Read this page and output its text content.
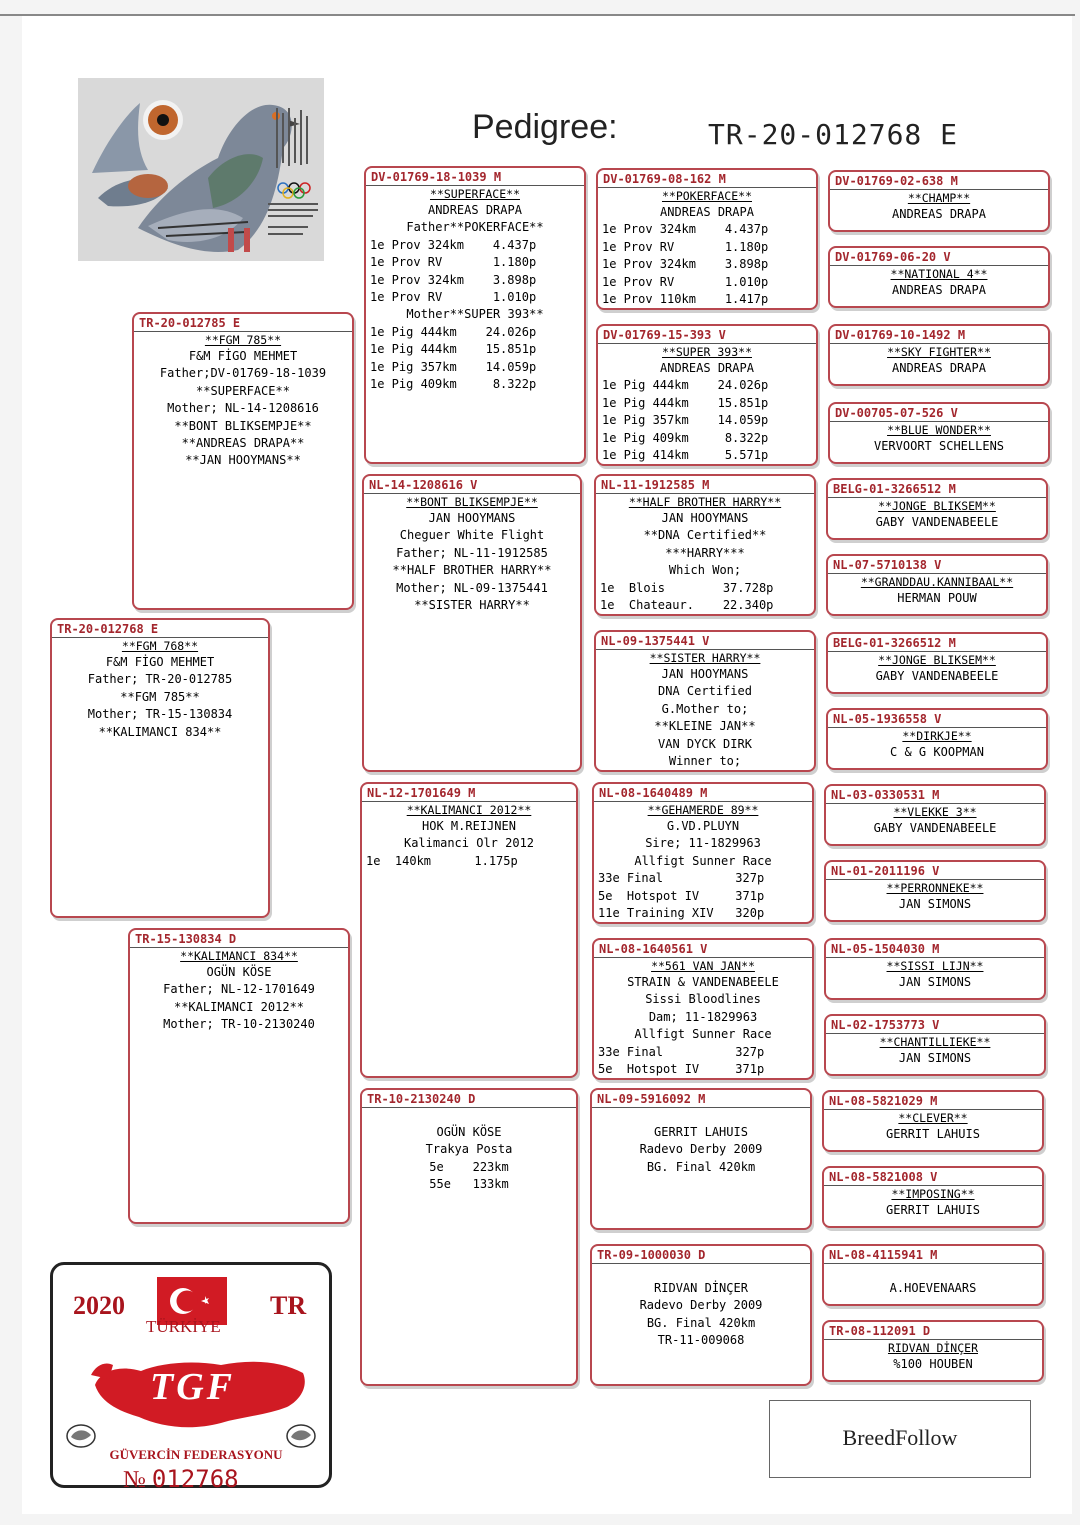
Pedigree:	TR-20-012768 E
TR-20-012768 E
**FGM 768**
F&M FİGO MEHMET
Father; TR-20-012785
**FGM 785**
Mother; TR-15-130834
**KALIMANCI 834**
TR-20-012785 E
**FGM 785**
F&M FİGO MEHMET
Father;DV-01769-18-1039
**SUPERFACE**
Mother; NL-14-1208616
**BONT BLIKSEMPJE**
**ANDREAS DRAPA**
**JAN HOOYMANS**
TR-15-130834 D
**KALIMANCI 834**
OGÜN KÖSE
Father; NL-12-1701649
**KALIMANCI 2012**
Mother; TR-10-2130240
DV-01769-18-1039 M
**SUPERFACE**
ANDREAS DRAPA
Father**POKERFACE**
1e Prov 324km    4.437p
1e Prov RV       1.180p
1e Prov 324km    3.898p
1e Prov RV       1.010p
Mother**SUPER 393**
1e Pig 444km    24.026p
1e Pig 444km    15.851p
1e Pig 357km    14.059p
1e Pig 409km     8.322p
NL-14-1208616 V
**BONT BLIKSEMPJE**
JAN HOOYMANS
Cheguer White Flight
Father; NL-11-1912585
**HALF BROTHER HARRY**
Mother; NL-09-1375441
**SISTER HARRY**
NL-12-1701649 M
**KALIMANCI 2012**
HOK M.REIJNEN
Kalimanci Olr 2012
1e  140km      1.175p
TR-10-2130240 D
OGÜN KÖSE
Trakya Posta
5e    223km
55e   133km
DV-01769-08-162 M
**POKERFACE**
ANDREAS DRAPA
1e Prov 324km    4.437p
1e Prov RV       1.180p
1e Prov 324km    3.898p
1e Prov RV       1.010p
1e Prov 110km    1.417p
DV-01769-15-393 V
**SUPER 393**
ANDREAS DRAPA
1e Pig 444km    24.026p
1e Pig 444km    15.851p
1e Pig 357km    14.059p
1e Pig 409km     8.322p
1e Pig 414km     5.571p
NL-11-1912585 M
**HALF BROTHER HARRY**
JAN HOOYMANS
**DNA Certified**
***HARRY***
Which Won;
1e  Blois        37.728p
1e  Chateaur.    22.340p
NL-09-1375441 V
**SISTER HARRY**
JAN HOOYMANS
DNA Certified
G.Mother to;
**KLEINE JAN**
VAN DYCK DIRK
Winner to;
NL-08-1640489 M
**GEHAMERDE 89**
G.VD.PLUYN
Sire; 11-1829963
Allfigt Sunner Race
33e Final          327p
5e  Hotspot IV     371p
11e Training XIV   320p
NL-08-1640561 V
**561 VAN JAN**
STRAIN & VANDENABEELE
Sissi Bloodlines
Dam; 11-1829963
Allfigt Sunner Race
33e Final          327p
5e  Hotspot IV     371p
NL-09-5916092 M
GERRIT LAHUIS
Radevo Derby 2009
BG. Final 420km
TR-09-1000030 D
RIDVAN DİNÇER
Radevo Derby 2009
BG. Final 420km
TR-11-009068
DV-01769-02-638 M
**CHAMP**
ANDREAS DRAPA
DV-01769-06-20 V
**NATIONAL 4**
ANDREAS DRAPA
DV-01769-10-1492 M
**SKY FIGHTER**
ANDREAS DRAPA
DV-00705-07-526 V
**BLUE WONDER**
VERVOORT SCHELLENS
BELG-01-3266512 M
**JONGE BLIKSEM**
GABY VANDENABEELE
NL-07-5710138 V
**GRANDDAU.KANNIBAAL**
HERMAN POUW
BELG-01-3266512 M
**JONGE BLIKSEM**
GABY VANDENABEELE
NL-05-1936558 V
**DIRKJE**
C & G KOOPMAN
NL-03-0330531 M
**VLEKKE 3**
GABY VANDENABEELE
NL-01-2011196 V
**PERRONNEKE**
JAN SIMONS
NL-05-1504030 M
**SISSI LIJN**
JAN SIMONS
NL-02-1753773 V
**CHANTILLIEKE**
JAN SIMONS
NL-08-5821029 M
**CLEVER**
GERRIT LAHUIS
NL-08-5821008 V
**IMPOSING**
GERRIT LAHUIS
NL-08-4115941 M
A.HOEVENAARS
TR-08-112091 D
RIDVAN DİNÇER
%100 HOUBEN
2020	TR
TÜRKİYE
TGF
GÜVERCİN FEDERASYONU
№ 012768
BreedFollow
